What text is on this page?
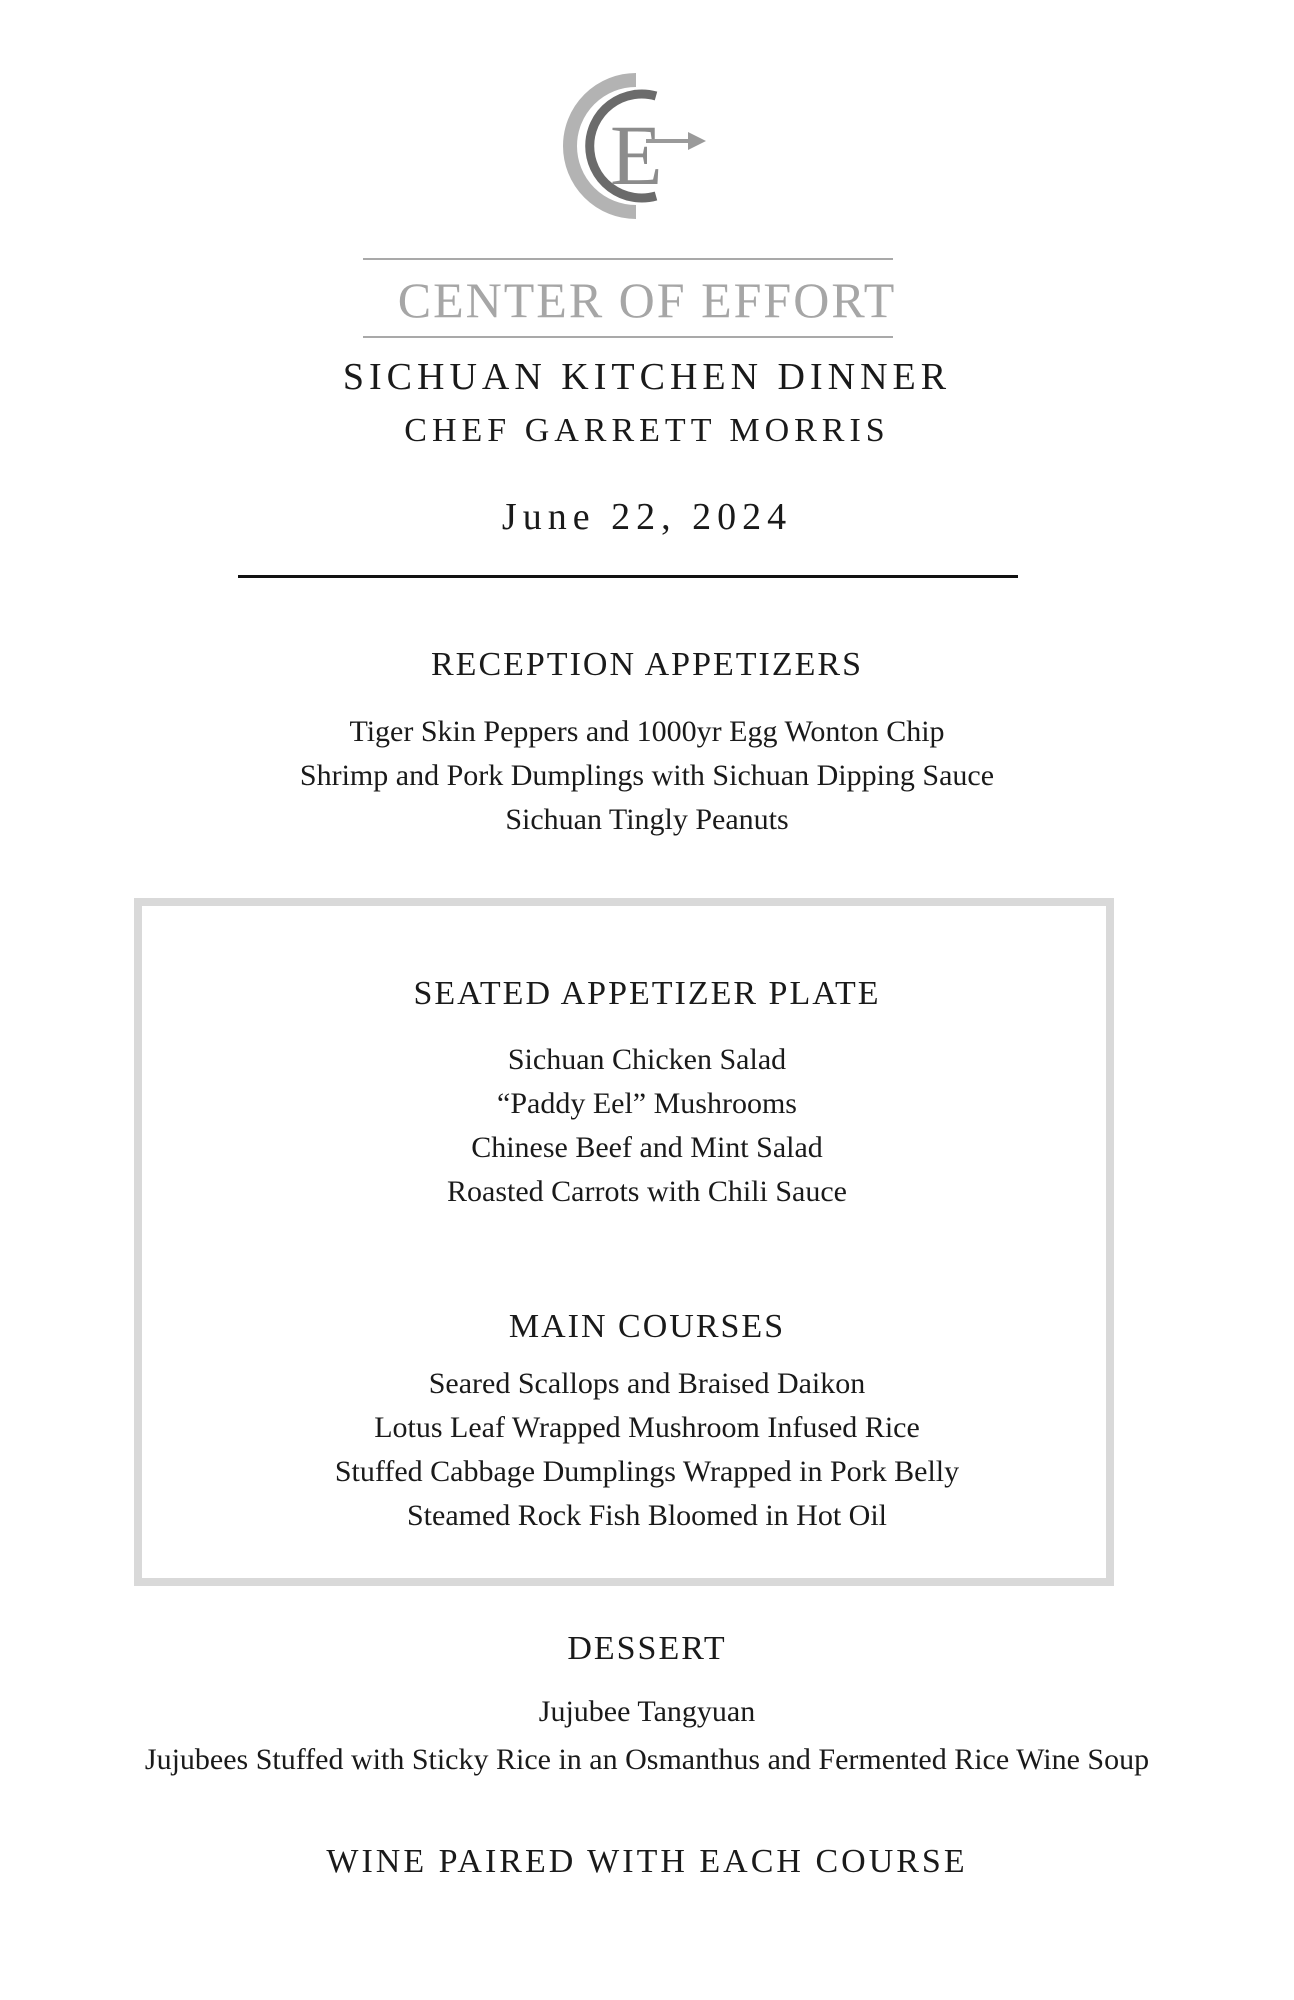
E
CENTER OF EFFORT
SICHUAN KITCHEN DINNER
CHEF GARRETT MORRIS
June 22, 2024
RECEPTION APPETIZERS
Tiger Skin Peppers and 1000yr Egg Wonton Chip
Shrimp and Pork Dumplings with Sichuan Dipping Sauce
Sichuan Tingly Peanuts
SEATED APPETIZER PLATE
Sichuan Chicken Salad
“Paddy Eel” Mushrooms
Chinese Beef and Mint Salad
Roasted Carrots with Chili Sauce
MAIN COURSES
Seared Scallops and Braised Daikon
Lotus Leaf Wrapped Mushroom Infused Rice
Stuffed Cabbage Dumplings Wrapped in Pork Belly
Steamed Rock Fish Bloomed in Hot Oil
DESSERT
Jujubee Tangyuan
Jujubees Stuffed with Sticky Rice in an Osmanthus and Fermented Rice Wine Soup
WINE PAIRED WITH EACH COURSE
